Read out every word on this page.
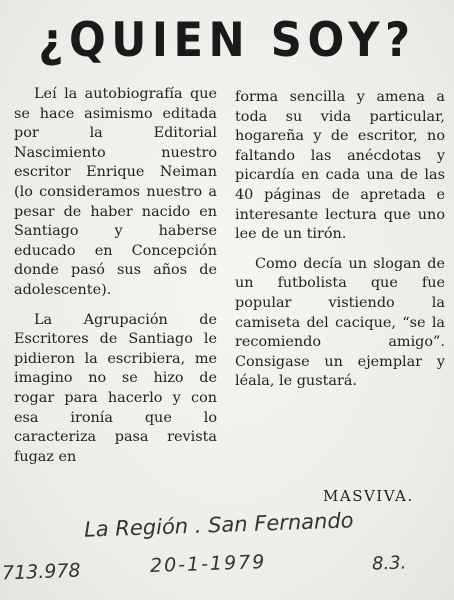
¿QUIEN SOY?

Leí la autobiografía que se hace asimismo editada por la Editorial Nascimiento nuestro escritor Enrique Neiman (lo consideramos nuestro a pesar de haber nacido en Santiago y haberse educado en Concepción donde pasó sus años de adolescente).

La Agrupación de Escritores de Santiago le pidieron la escribiera, me imagino no se hizo de rogar para hacerlo y con esa ironía que lo caracteriza pasa revista fugaz en

forma sencilla y amena a toda su vida particular, hogareña y de escritor, no faltando las anécdotas y picardía en cada una de las 40 páginas de apretada e interesante lectura que uno lee de un tirón.

Como decía un slogan de un futbolista que fue popular vistiendo la camiseta del cacique, “se la recomiendo amigo”. Consigase un ejemplar y léala, le gustará.

MASVIVA.
La Región . San Fernando
713.978	20-1-1979	8.3.
